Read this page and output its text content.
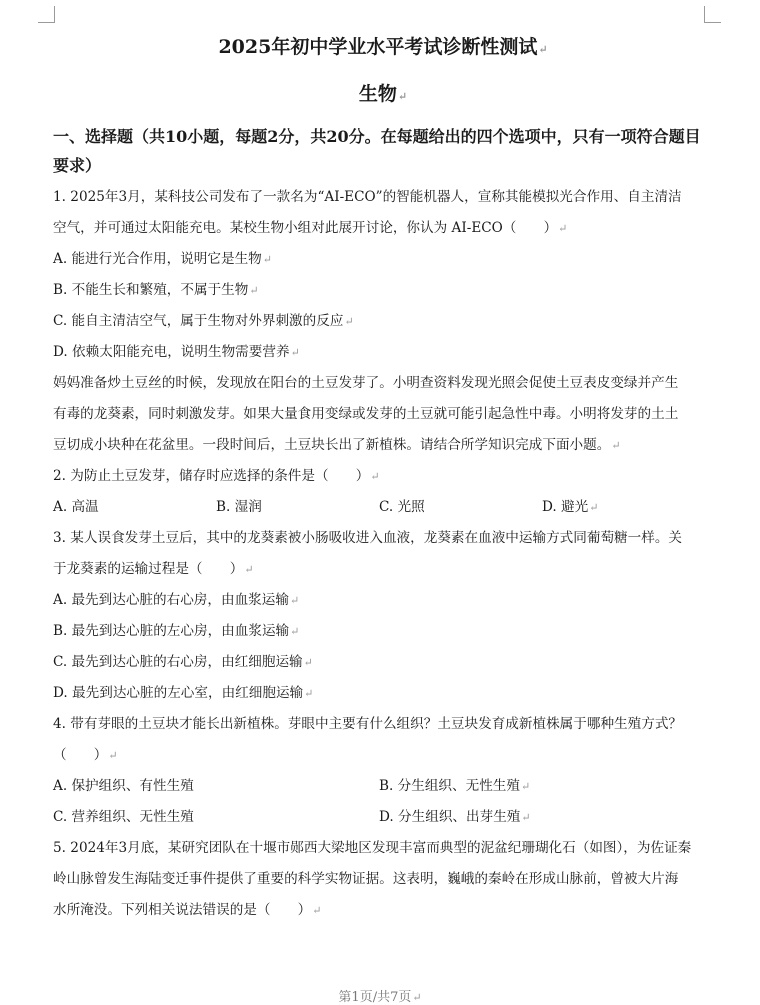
2025年初中学业水平考试诊断性测试↵
生物↵
一、选择题（共10小题，每题2分，共20分。在每题给出的四个选项中，只有一项符合题目要求）
1. 2025年3月，某科技公司发布了一款名为“AI-ECO”的智能机器人，宣称其能模拟光合作用、自主清洁
空气，并可通过太阳能充电。某校生物小组对此展开讨论，你认为 AI-ECO（　　）↵
A. 能进行光合作用，说明它是生物↵
B. 不能生长和繁殖，不属于生物↵
C. 能自主清洁空气，属于生物对外界刺激的反应↵
D. 依赖太阳能充电，说明生物需要营养↵
妈妈准备炒土豆丝的时候，发现放在阳台的土豆发芽了。小明查资料发现光照会促使土豆表皮变绿并产生
有毒的龙葵素，同时刺激发芽。如果大量食用变绿或发芽的土豆就可能引起急性中毒。小明将发芽的土土
豆切成小块种在花盆里。一段时间后，土豆块长出了新植株。请结合所学知识完成下面小题。↵
2. 为防止土豆发芽，储存时应选择的条件是（　　）↵
A. 高温	B. 湿润	C. 光照	D. 避光↵
3. 某人误食发芽土豆后，其中的龙葵素被小肠吸收进入血液，龙葵素在血液中运输方式同葡萄糖一样。关
于龙葵素的运输过程是（　　）↵
A. 最先到达心脏的右心房，由血浆运输↵
B. 最先到达心脏的左心房，由血浆运输↵
C. 最先到达心脏的右心房，由红细胞运输↵
D. 最先到达心脏的左心室，由红细胞运输↵
4. 带有芽眼的土豆块才能长出新植株。芽眼中主要有什么组织？土豆块发育成新植株属于哪种生殖方式？
（　　）↵
A. 保护组织、有性生殖	B. 分生组织、无性生殖↵
C. 营养组织、无性生殖	D. 分生组织、出芽生殖↵
5. 2024年3月底，某研究团队在十堰市郧西大梁地区发现丰富而典型的泥盆纪珊瑚化石（如图），为佐证秦
岭山脉曾发生海陆变迁事件提供了重要的科学实物证据。这表明，巍峨的秦岭在形成山脉前，曾被大片海
水所淹没。下列相关说法错误的是（　　）↵
第1页/共7页↵
